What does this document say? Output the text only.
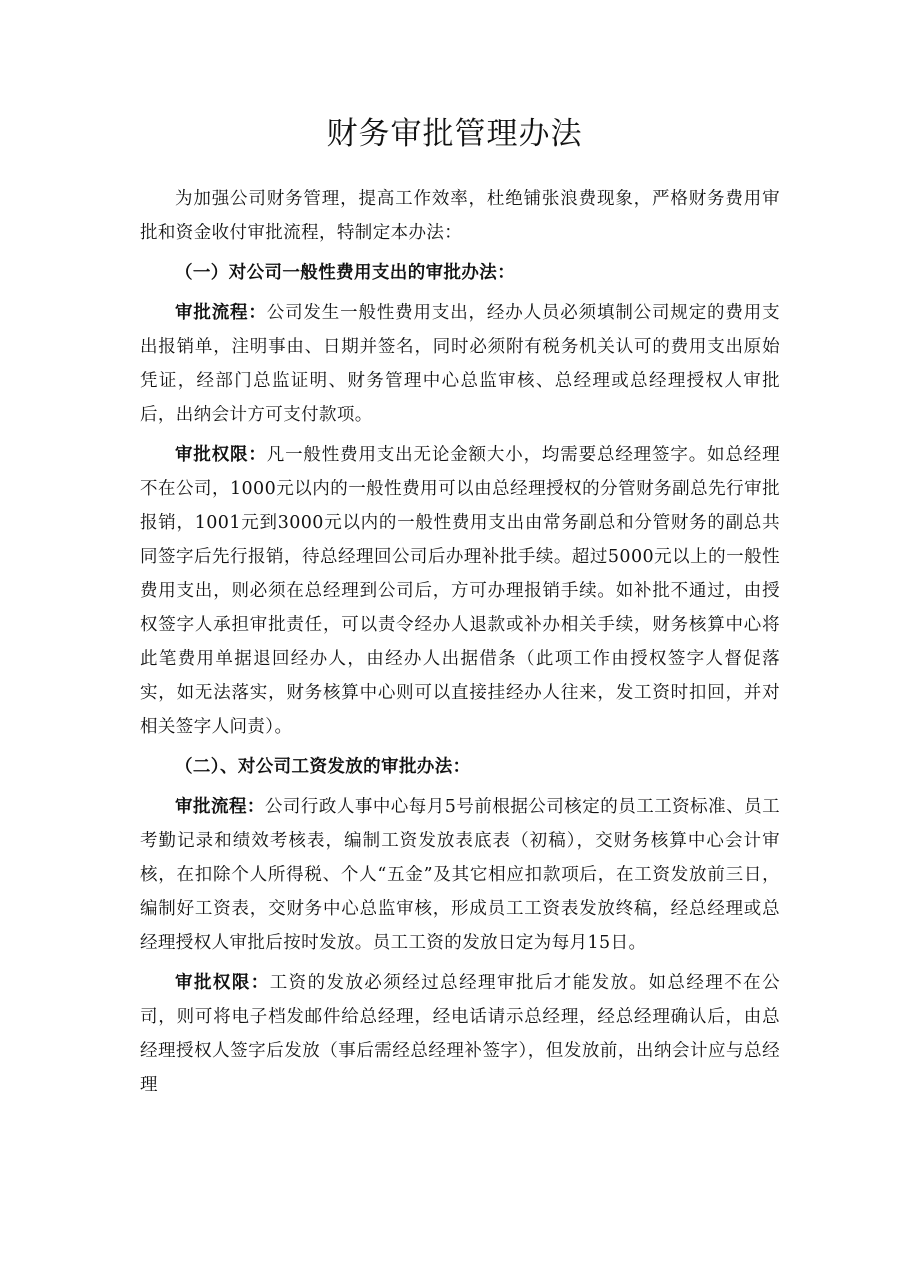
财务审批管理办法

为加强公司财务管理，提高工作效率，杜绝铺张浪费现象，严格财务费用审批和资金收付审批流程，特制定本办法：

（一）对公司一般性费用支出的审批办法：

审批流程：公司发生一般性费用支出，经办人员必须填制公司规定的费用支出报销单，注明事由、日期并签名，同时必须附有税务机关认可的费用支出原始凭证，经部门总监证明、财务管理中心总监审核、总经理或总经理授权人审批后，出纳会计方可支付款项。

审批权限：凡一般性费用支出无论金额大小，均需要总经理签字。如总经理不在公司，1000元以内的一般性费用可以由总经理授权的分管财务副总先行审批报销，1001元到3000元以内的一般性费用支出由常务副总和分管财务的副总共同签字后先行报销，待总经理回公司后办理补批手续。超过5000元以上的一般性费用支出，则必须在总经理到公司后，方可办理报销手续。如补批不通过，由授权签字人承担审批责任，可以责令经办人退款或补办相关手续，财务核算中心将此笔费用单据退回经办人，由经办人出据借条（此项工作由授权签字人督促落实，如无法落实，财务核算中心则可以直接挂经办人往来，发工资时扣回，并对相关签字人问责）。

（二）、对公司工资发放的审批办法：

审批流程：公司行政人事中心每月5号前根据公司核定的员工工资标准、员工考勤记录和绩效考核表，编制工资发放表底表（初稿），交财务核算中心会计审核，在扣除个人所得税、个人“五金”及其它相应扣款项后，在工资发放前三日，编制好工资表，交财务中心总监审核，形成员工工资表发放终稿，经总经理或总经理授权人审批后按时发放。员工工资的发放日定为每月15日。

审批权限：工资的发放必须经过总经理审批后才能发放。如总经理不在公司，则可将电子档发邮件给总经理，经电话请示总经理，经总经理确认后，由总经理授权人签字后发放（事后需经总经理补签字），但发放前，出纳会计应与总经理
